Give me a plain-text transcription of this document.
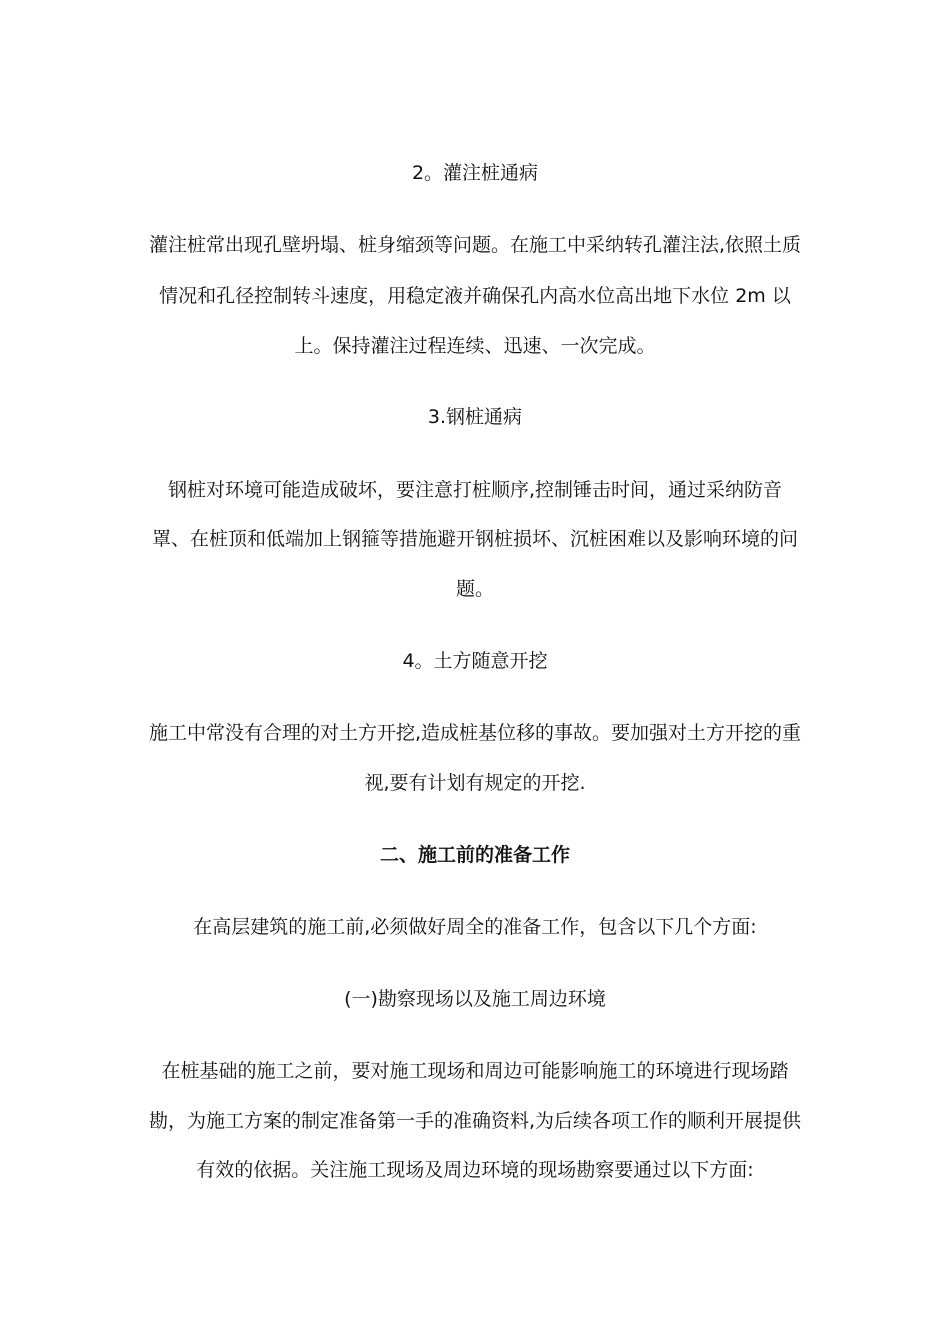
2。灌注桩通病
灌注桩常出现孔壁坍塌、桩身缩颈等问题。在施工中采纳转孔灌注法,依照土质
情况和孔径控制转斗速度，用稳定液并确保孔内高水位高出地下水位 2m 以
上。保持灌注过程连续、迅速、一次完成。
3.钢桩通病
钢桩对环境可能造成破坏，要注意打桩顺序,控制锤击时间，通过采纳防音
罩、在桩顶和低端加上钢箍等措施避开钢桩损坏、沉桩困难以及影响环境的问
题。
4。土方随意开挖
施工中常没有合理的对土方开挖,造成桩基位移的事故。要加强对土方开挖的重
视,要有计划有规定的开挖.
二、施工前的准备工作
在高层建筑的施工前,必须做好周全的准备工作，包含以下几个方面:
(一)勘察现场以及施工周边环境
在桩基础的施工之前，要对施工现场和周边可能影响施工的环境进行现场踏
勘，为施工方案的制定准备第一手的准确资料,为后续各项工作的顺利开展提供
有效的依据。关注施工现场及周边环境的现场勘察要通过以下方面:
